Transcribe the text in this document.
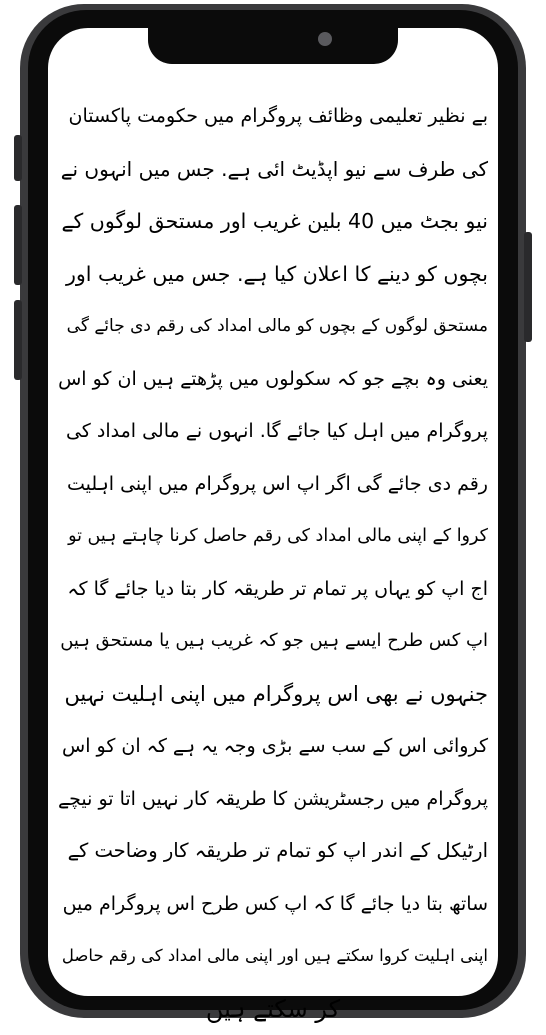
بے نظیر تعلیمی وظائف پروگرام میں حکومت پاکستان
کی طرف سے نیو اپڈیٹ ائی ہے. جس میں انہوں نے
نیو بجٹ میں 40 بلین غریب اور مستحق لوگوں کے
بچوں کو دینے کا اعلان کیا ہے. جس میں غریب اور
مستحق لوگوں کے بچوں کو مالی امداد کی رقم دی جائے گی
یعنی وہ بچے جو کہ سکولوں میں پڑھتے ہیں ان کو اس
پروگرام میں اہل کیا جائے گا. انہوں نے مالی امداد کی
رقم دی جائے گی اگر اپ اس پروگرام میں اپنی اہلیت
کروا کے اپنی مالی امداد کی رقم حاصل کرنا چاہتے ہیں تو
اج اپ کو یہاں پر تمام تر طریقہ کار بتا دیا جائے گا کہ
اپ کس طرح ایسے ہیں جو کہ غریب ہیں یا مستحق ہیں
جنہوں نے بھی اس پروگرام میں اپنی اہلیت نہیں
کروائی اس کے سب سے بڑی وجہ یہ ہے کہ ان کو اس
پروگرام میں رجسٹریشن کا طریقہ کار نہیں اتا تو نیچے
ارٹیکل کے اندر اپ کو تمام تر طریقہ کار وضاحت کے
ساتھ بتا دیا جائے گا کہ اپ کس طرح اس پروگرام میں
اپنی اہلیت کروا سکتے ہیں اور اپنی مالی امداد کی رقم حاصل
کر سکتے ہیں
